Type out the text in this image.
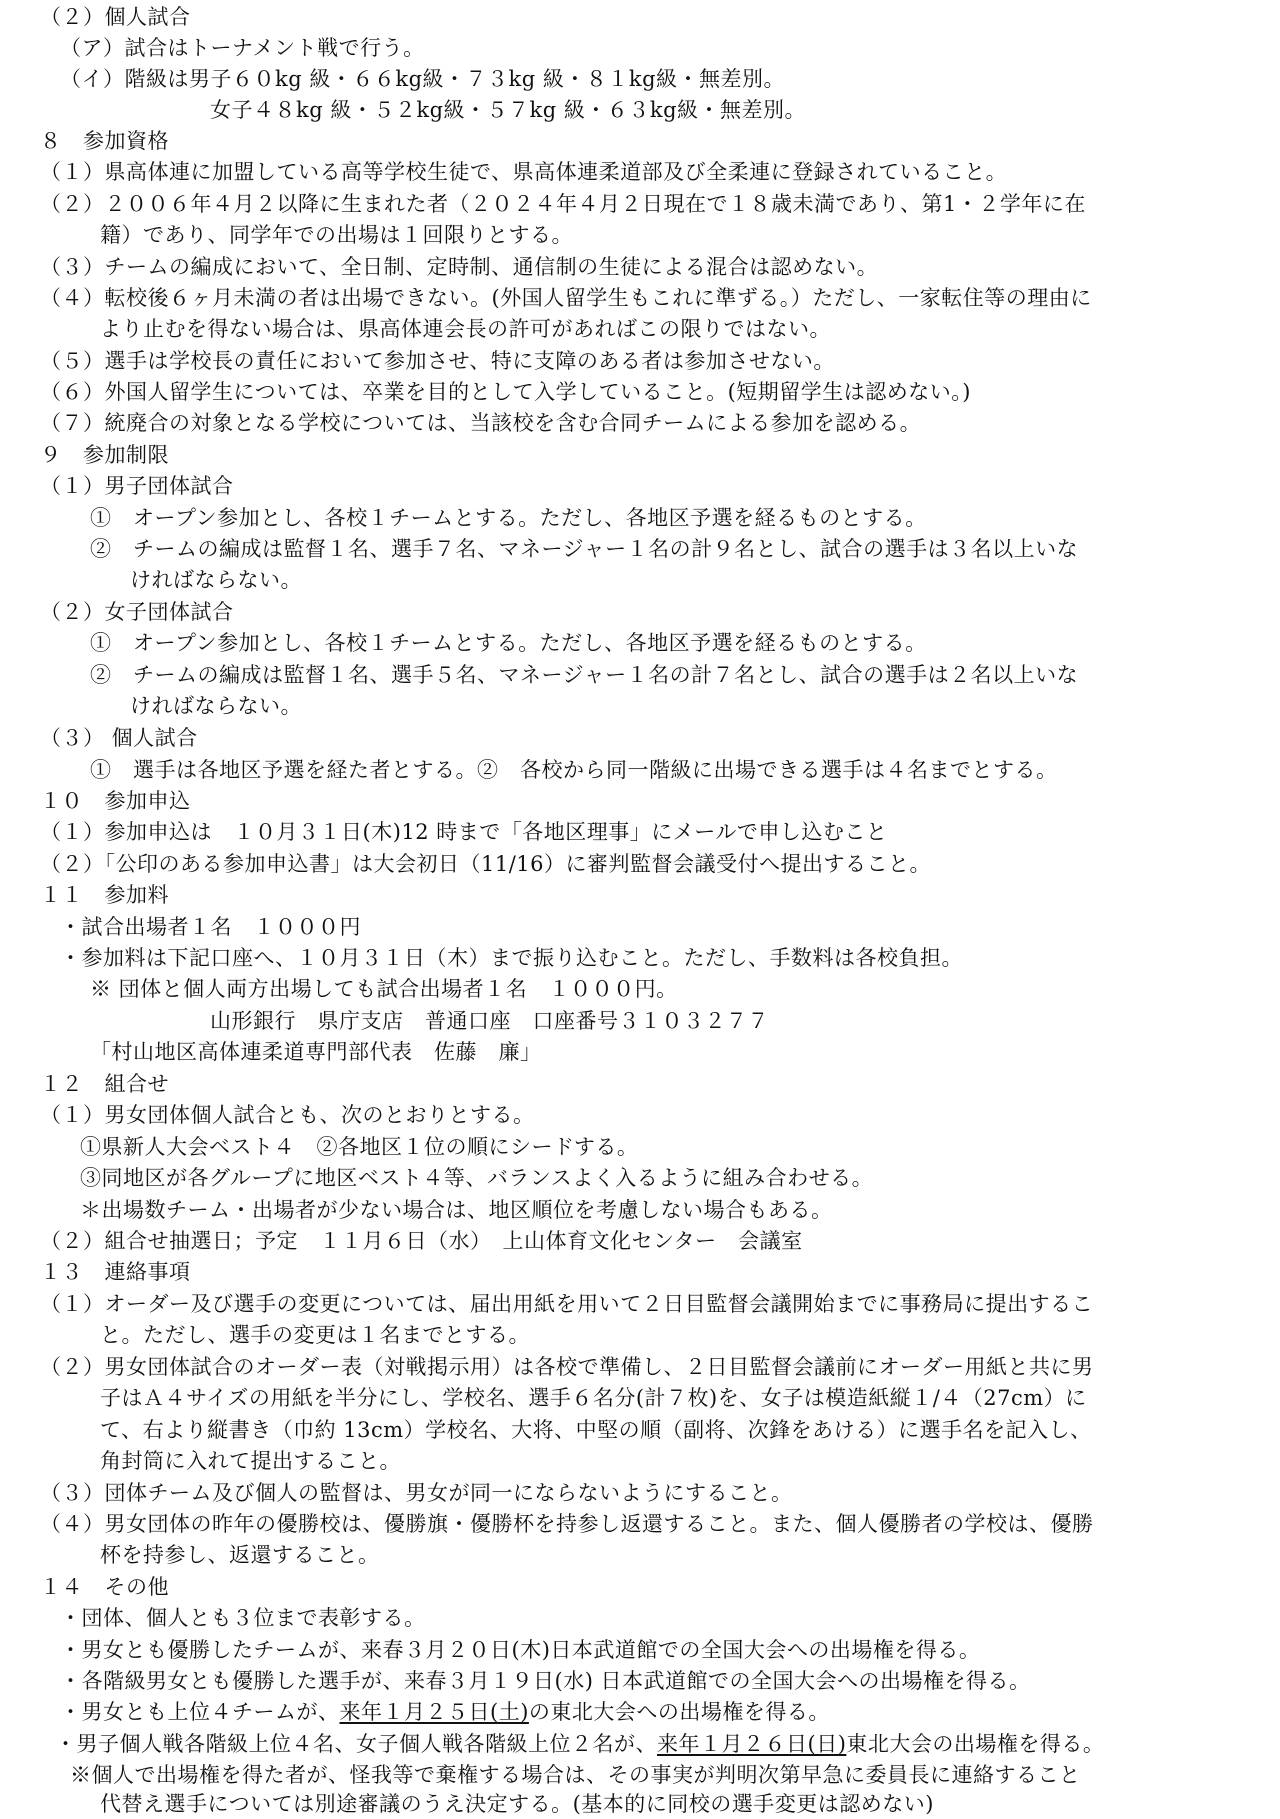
（２）個人試合
（ア）試合はトーナメント戦で行う。
（イ）階級は男子６０kg 級・６６kg級・７３kg 級・８１kg級・無差別。
女子４８kg 級・５２kg級・５７kg 級・６３kg級・無差別。
８　参加資格
（１）県高体連に加盟している高等学校生徒で、県高体連柔道部及び全柔連に登録されていること。
（２）２００６年４月２以降に生まれた者（２０２４年４月２日現在で１８歳未満であり、第1・２学年に在
籍）であり、同学年での出場は１回限りとする。
（３）チームの編成において、全日制、定時制、通信制の生徒による混合は認めない。
（４）転校後６ヶ月未満の者は出場できない。(外国人留学生もこれに準ずる。）ただし、一家転住等の理由に
より止むを得ない場合は、県高体連会長の許可があればこの限りではない。
（５）選手は学校長の責任において参加させ、特に支障のある者は参加させない。
（６）外国人留学生については、卒業を目的として入学していること。(短期留学生は認めない。)
（７）統廃合の対象となる学校については、当該校を含む合同チームによる参加を認める。
９　参加制限
（１）男子団体試合
①　オープン参加とし、各校１チームとする。ただし、各地区予選を経るものとする。
②　チームの編成は監督１名、選手７名、マネージャー１名の計９名とし、試合の選手は３名以上いな
ければならない。
（２）女子団体試合
①　オープン参加とし、各校１チームとする。ただし、各地区予選を経るものとする。
②　チームの編成は監督１名、選手５名、マネージャー１名の計７名とし、試合の選手は２名以上いな
ければならない。
（３） 個人試合
①　選手は各地区予選を経た者とする。②　各校から同一階級に出場できる選手は４名までとする。
１０　参加申込
（１）参加申込は　１０月３１日(木)12 時まで「各地区理事」にメールで申し込むこと
（２）「公印のある参加申込書」は大会初日（11/16）に審判監督会議受付へ提出すること。
１１　参加料
・試合出場者１名　１０００円
・参加料は下記口座へ、１０月３１日（木）まで振り込むこと。ただし、手数料は各校負担。
※ 団体と個人両方出場しても試合出場者１名　１０００円。
山形銀行　県庁支店　普通口座　口座番号３１０３２７７
「村山地区高体連柔道専門部代表　佐藤　廉」
１２　組合せ
（１）男女団体個人試合とも、次のとおりとする。
①県新人大会ベスト４　②各地区１位の順にシードする。
③同地区が各グループに地区ベスト４等、バランスよく入るように組み合わせる。
＊出場数チーム・出場者が少ない場合は、地区順位を考慮しない場合もある。
（２）組合せ抽選日；予定　１１月６日（水）　上山体育文化センター　会議室
１３　連絡事項
（１）オーダー及び選手の変更については、届出用紙を用いて２日目監督会議開始までに事務局に提出するこ
と。ただし、選手の変更は１名までとする。
（２）男女団体試合のオーダー表（対戦掲示用）は各校で準備し、２日目監督会議前にオーダー用紙と共に男
子はＡ４サイズの用紙を半分にし、学校名、選手６名分(計７枚)を、女子は模造紙縦１/４（27cm）に
て、右より縦書き（巾約 13cm）学校名、大将、中堅の順（副将、次鋒をあける）に選手名を記入し、
角封筒に入れて提出すること。
（３）団体チーム及び個人の監督は、男女が同一にならないようにすること。
（４）男女団体の昨年の優勝校は、優勝旗・優勝杯を持参し返還すること。また、個人優勝者の学校は、優勝
杯を持参し、返還すること。
１４　その他
・団体、個人とも３位まで表彰する。
・男女とも優勝したチームが、来春３月２０日(木)日本武道館での全国大会への出場権を得る。
・各階級男女とも優勝した選手が、来春３月１９日(水) 日本武道館での全国大会への出場権を得る。
・男女とも上位４チームが、来年１月２５日(土)の東北大会への出場権を得る。
・男子個人戦各階級上位４名、女子個人戦各階級上位２名が、来年１月２６日(日)東北大会の出場権を得る。
※個人で出場権を得た者が、怪我等で棄権する場合は、その事実が判明次第早急に委員長に連絡すること
代替え選手については別途審議のうえ決定する。(基本的に同校の選手変更は認めない)
